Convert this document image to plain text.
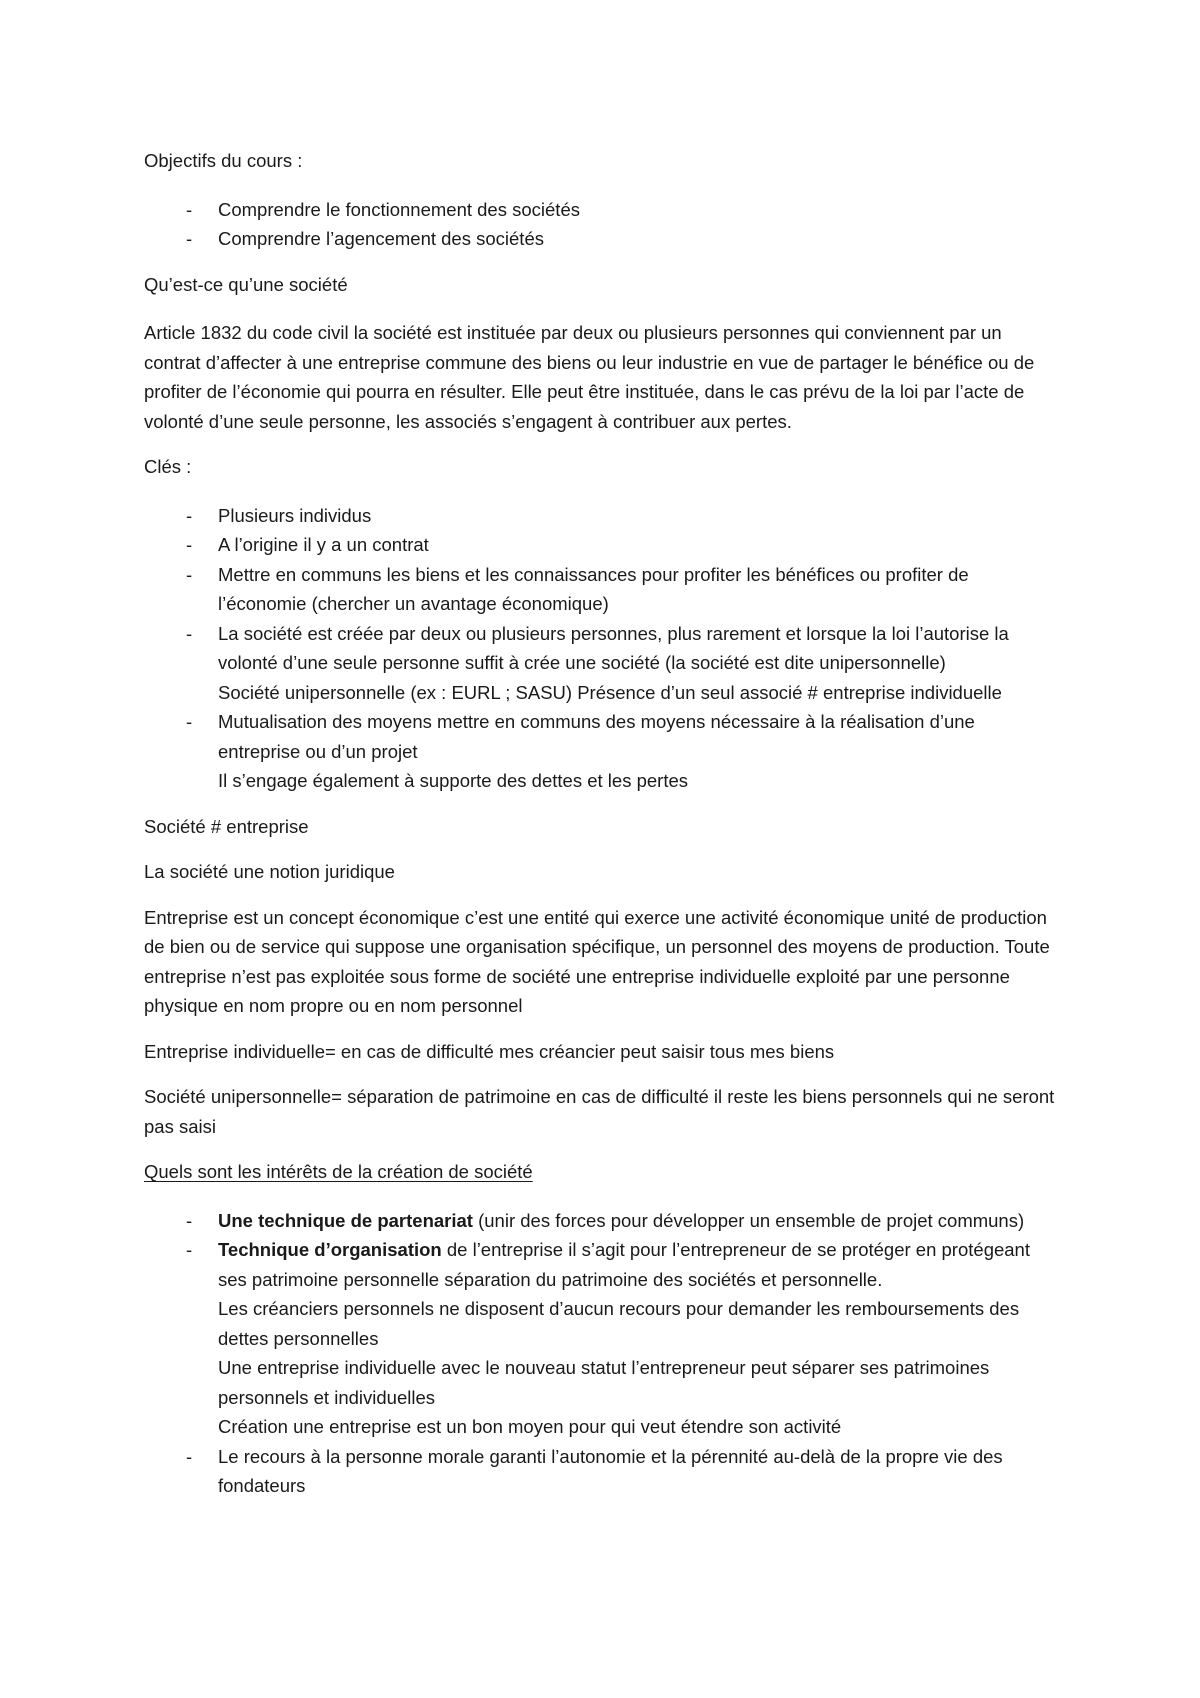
Objectifs du cours :

- Comprendre le fonctionnement des sociétés
- Comprendre l’agencement des sociétés

Qu’est-ce qu’une société

Article 1832 du code civil la société est instituée par deux ou plusieurs personnes qui conviennent par un contrat d’affecter à une entreprise commune des biens ou leur industrie en vue de partager le bénéfice ou de profiter de l’économie qui pourra en résulter. Elle peut être instituée, dans le cas prévu de la loi par l’acte de volonté d’une seule personne, les associés s’engagent à contribuer aux pertes.

Clés :

- Plusieurs individus
- A l’origine il y a un contrat
- Mettre en communs les biens et les connaissances pour profiter les bénéfices ou profiter de l’économie (chercher un avantage économique)
- La société est créée par deux ou plusieurs personnes, plus rarement et lorsque la loi l’autorise la volonté d’une seule personne suffit à crée une société (la société est dite unipersonnelle)
Société unipersonnelle (ex : EURL ; SASU) Présence d’un seul associé # entreprise individuelle
- Mutualisation des moyens mettre en communs des moyens nécessaire à la réalisation d’une entreprise ou d’un projet
Il s’engage également à supporte des dettes et les pertes

Société # entreprise

La société une notion juridique

Entreprise est un concept économique c’est une entité qui exerce une activité économique unité de production de bien ou de service qui suppose une organisation spécifique, un personnel des moyens de production. Toute entreprise n’est pas exploitée sous forme de société une entreprise individuelle exploité par une personne physique en nom propre ou en nom personnel

Entreprise individuelle= en cas de difficulté mes créancier peut saisir tous mes biens

Société unipersonnelle= séparation de patrimoine en cas de difficulté il reste les biens personnels qui ne seront pas saisi

Quels sont les intérêts de la création de société

- Une technique de partenariat (unir des forces pour développer un ensemble de projet communs)
- Technique d’organisation de l’entreprise il s’agit pour l’entrepreneur de se protéger en protégeant ses patrimoine personnelle séparation du patrimoine des sociétés et personnelle.
Les créanciers personnels ne disposent d’aucun recours pour demander les remboursements des dettes personnelles
Une entreprise individuelle avec le nouveau statut l’entrepreneur peut séparer ses patrimoines personnels et individuelles
Création une entreprise est un bon moyen pour qui veut étendre son activité
- Le recours à la personne morale garanti l’autonomie et la pérennité au-delà de la propre vie des fondateurs
